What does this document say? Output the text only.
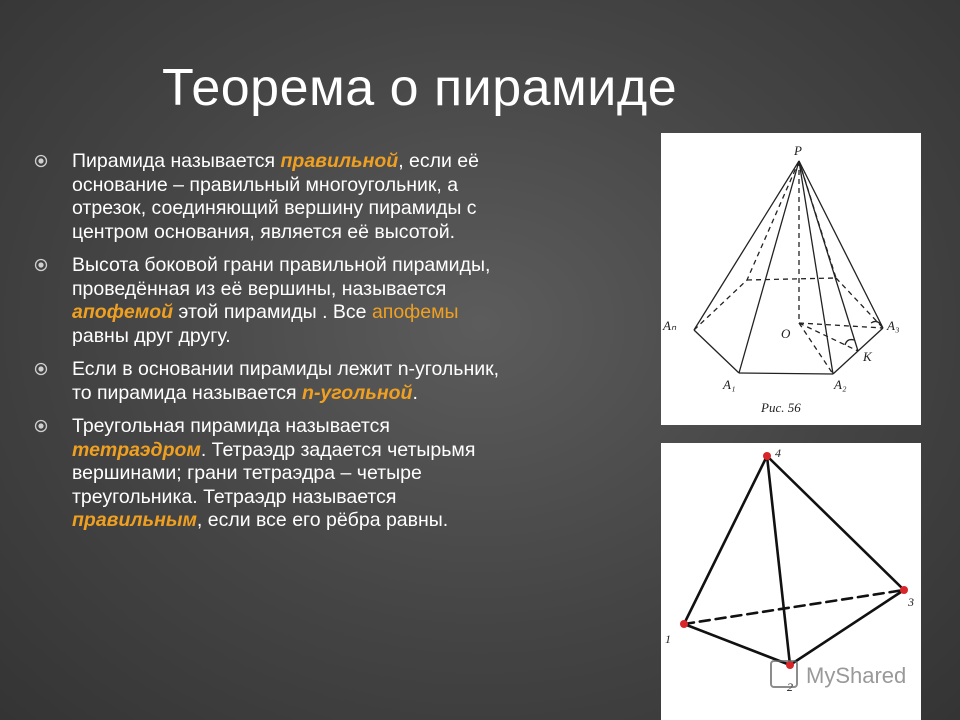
Теорема о пирамиде
Пирамида называется правильной, если её основание – правильный многоугольник, а отрезок, соединяющий вершину пирамиды с центром основания, является её высотой.
Высота боковой грани правильной пирамиды, проведённая из её вершины, называется апофемой этой пирамиды . Все апофемы равны друг другу.
Если в основании пирамиды лежит n-угольник, то пирамида называется n-угольной.
Треугольная пирамида называется тетраэдром. Тетраэдр задается четырьмя вершинами; грани тетраэдра – четыре треугольника. Тетраэдр называется правильным, если все его рёбра равны.
P
Aₙ
A₁	A₂
A₃
O
K
Рис. 56
1
2
3
4
MyShared
